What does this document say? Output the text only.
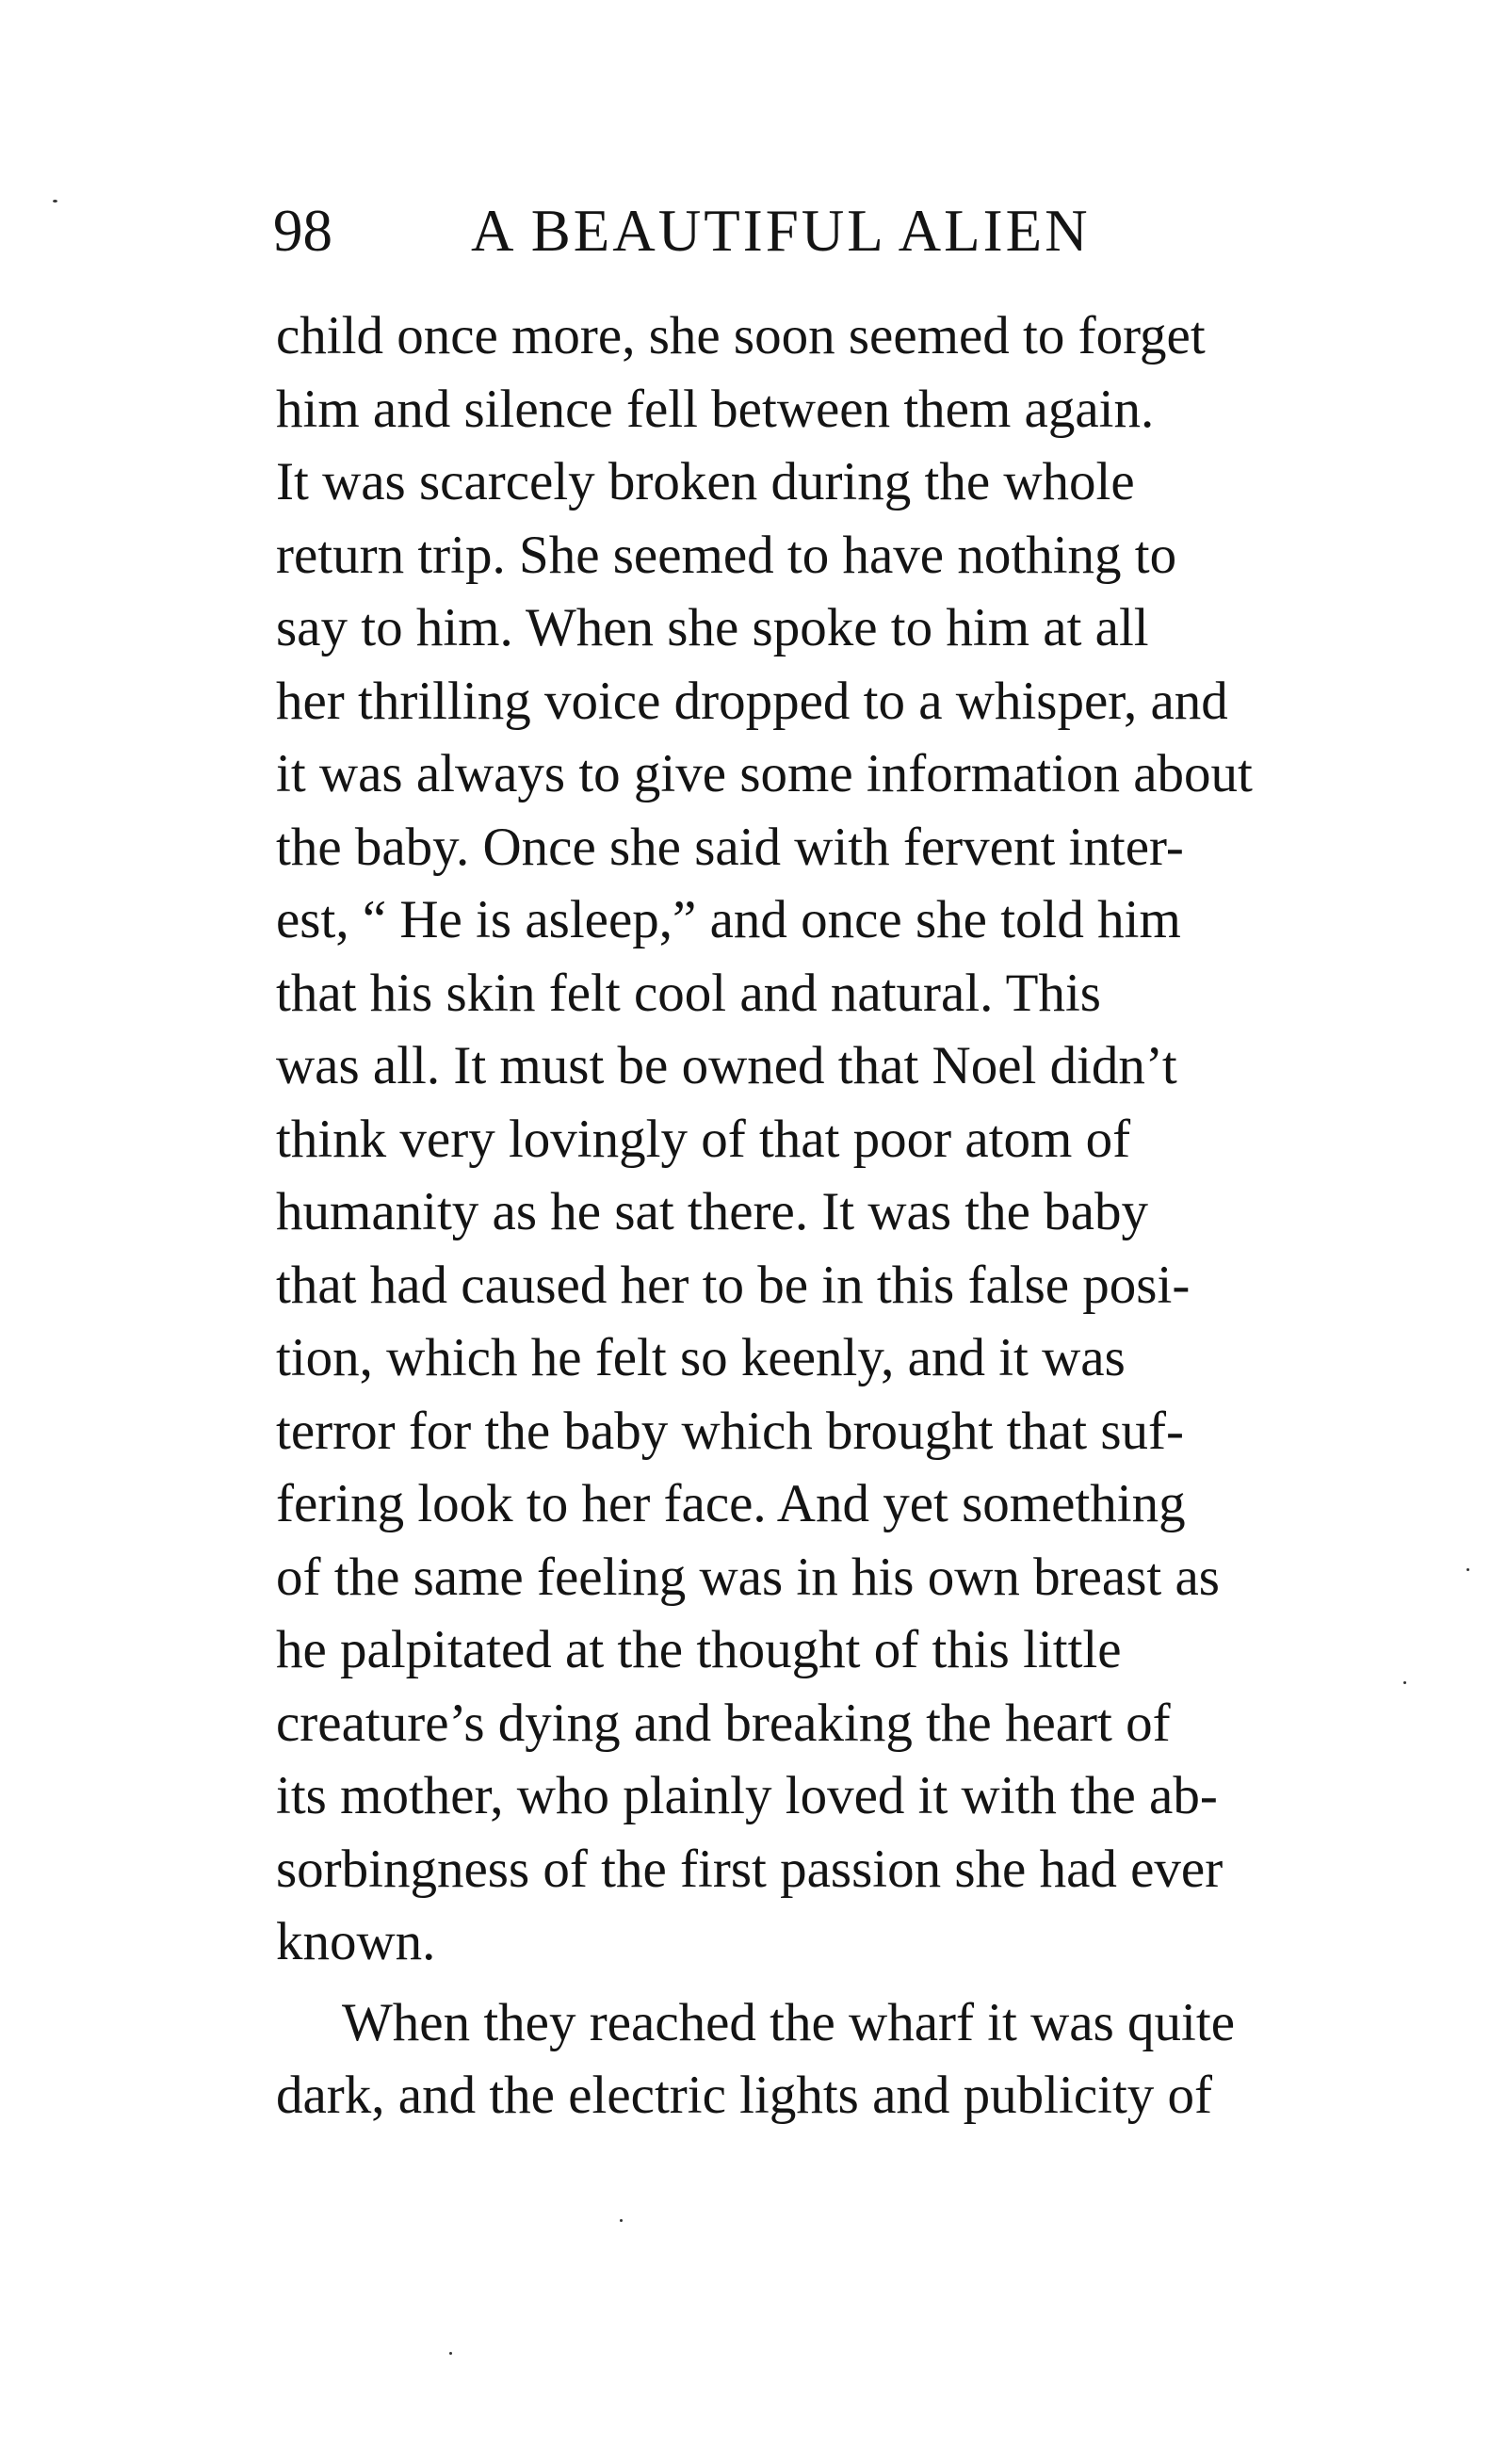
98 A BEAUTIFUL ALIEN
child once more, she soon seemed to forget
him and silence fell between them again.
It was scarcely broken during the whole
return trip. She seemed to have nothing to
say to him. When she spoke to him at all
her thrilling voice dropped to a whisper, and
it was always to give some information about
the baby. Once she said with fervent inter-
est, “ He is asleep,” and once she told him
that his skin felt cool and natural. This
was all. It must be owned that Noel didn’t
think very lovingly of that poor atom of
humanity as he sat there. It was the baby
that had caused her to be in this false posi-
tion, which he felt so keenly, and it was
terror for the baby which brought that suf-
fering look to her face. And yet something
of the same feeling was in his own breast as
he palpitated at the thought of this little
creature’s dying and breaking the heart of
its mother, who plainly loved it with the ab-
sorbingness of the first passion she had ever
known.
When they reached the wharf it was quite
dark, and the electric lights and publicity of
